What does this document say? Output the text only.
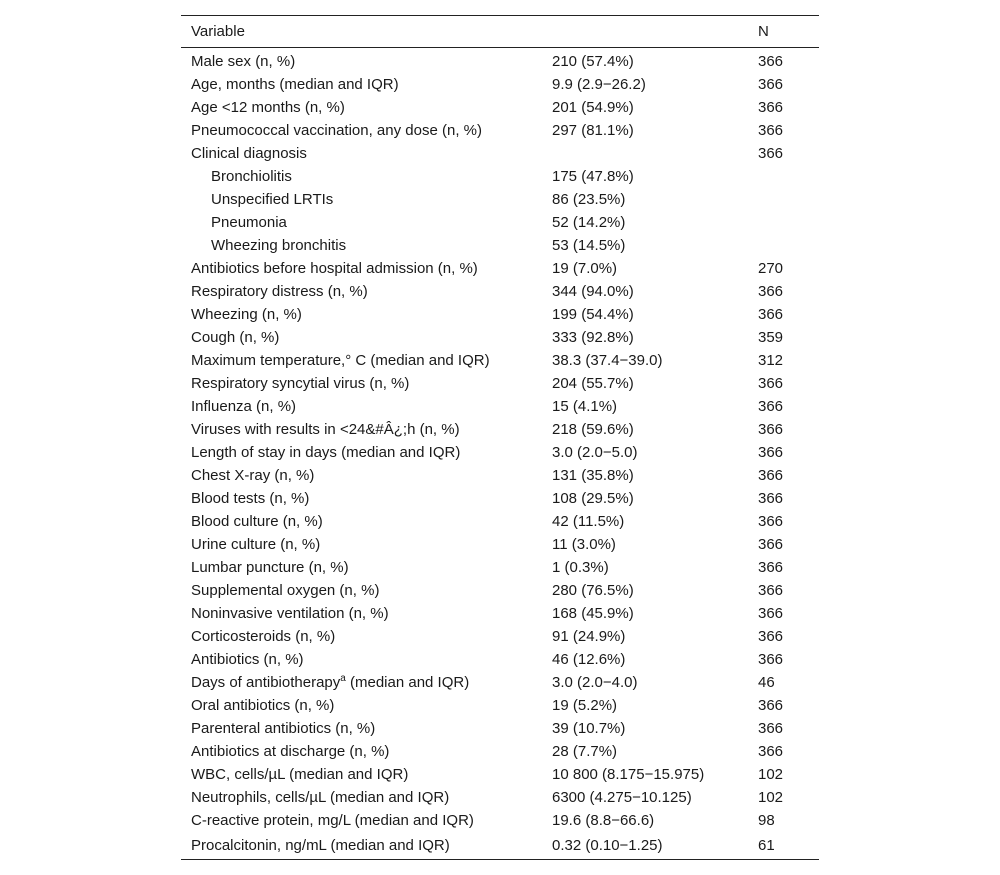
Variable		N
Male sex (n, %)	210 (57.4%)	366
Age, months (median and IQR)	9.9 (2.9−26.2)	366
Age <12 months (n, %)	201 (54.9%)	366
Pneumococcal vaccination, any dose (n, %)	297 (81.1%)	366
Clinical diagnosis		366
Bronchiolitis	175 (47.8%)	
Unspecified LRTIs	86 (23.5%)	
Pneumonia	52 (14.2%)	
Wheezing bronchitis	53 (14.5%)	
Antibiotics before hospital admission (n, %)	19 (7.0%)	270
Respiratory distress (n, %)	344 (94.0%)	366
Wheezing (n, %)	199 (54.4%)	366
Cough (n, %)	333 (92.8%)	359
Maximum temperature,° C (median and IQR)	38.3 (37.4−39.0)	312
Respiratory syncytial virus (n, %)	204 (55.7%)	366
Influenza (n, %)	15 (4.1%)	366
Viruses with results in <24&#Â¿;h (n, %)	218 (59.6%)	366
Length of stay in days (median and IQR)	3.0 (2.0−5.0)	366
Chest X-ray (n, %)	131 (35.8%)	366
Blood tests (n, %)	108 (29.5%)	366
Blood culture (n, %)	42 (11.5%)	366
Urine culture (n, %)	11 (3.0%)	366
Lumbar puncture (n, %)	1 (0.3%)	366
Supplemental oxygen (n, %)	280 (76.5%)	366
Noninvasive ventilation (n, %)	168 (45.9%)	366
Corticosteroids (n, %)	91 (24.9%)	366
Antibiotics (n, %)	46 (12.6%)	366
Days of antibiotherapy$^a$ (median and IQR)	3.0 (2.0−4.0)	46
Oral antibiotics (n, %)	19 (5.2%)	366
Parenteral antibiotics (n, %)	39 (10.7%)	366
Antibiotics at discharge (n, %)	28 (7.7%)	366
WBC, cells/µL (median and IQR)	10 800 (8.175−15.975)	102
Neutrophils, cells/µL (median and IQR)	6300 (4.275−10.125)	102
C-reactive protein, mg/L (median and IQR)	19.6 (8.8−66.6)	98
Procalcitonin, ng/mL (median and IQR)	0.32 (0.10−1.25)	61
